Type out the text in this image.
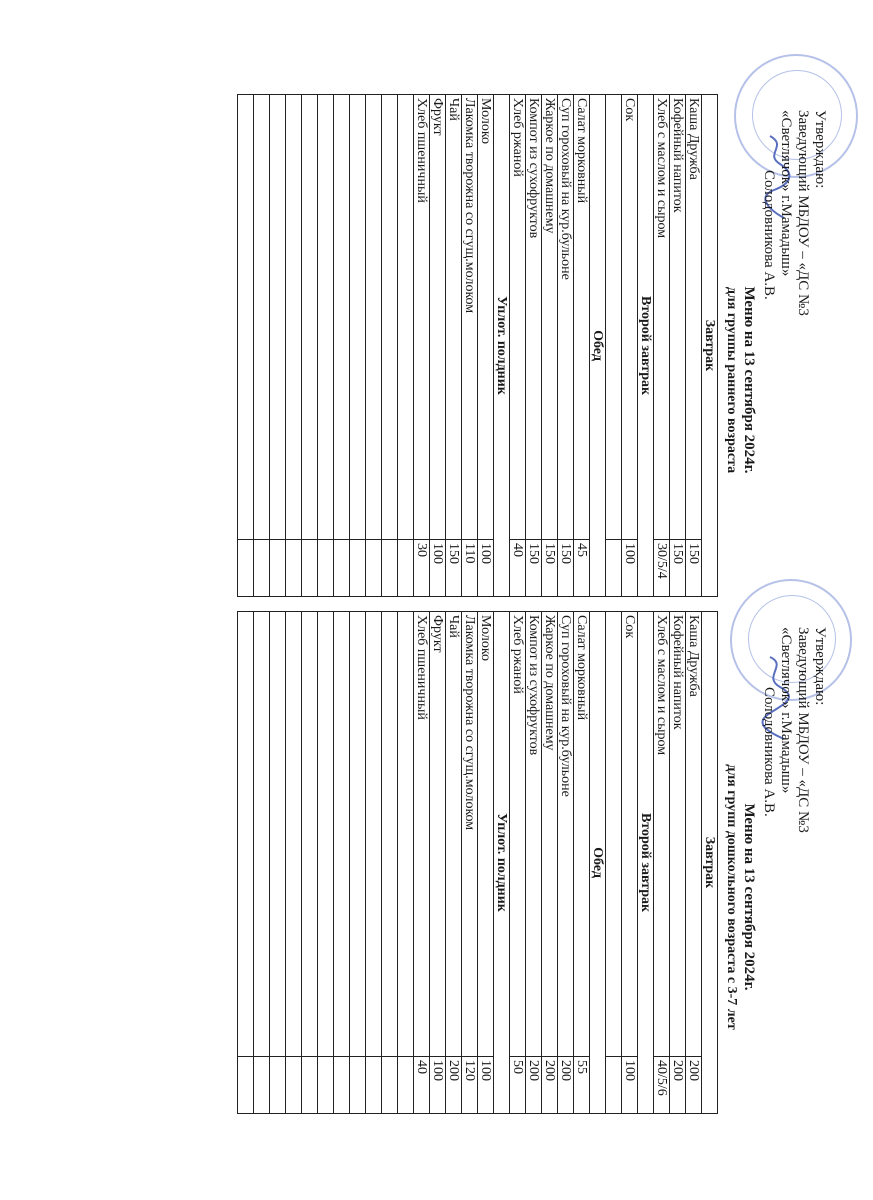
Утверждаю:
Заведующий МБДОУ – «ДС №3
«Светлячок» г.Мамадыш»
Солодовникова А.В.
Меню на 13 сентября 2024г.
для группы раннего возраста
Завтрак	
Каша Дружба	150
Кофейный напиток	150
Хлеб с маслом и сыром	30/5/4
Второй завтрак	
Сок	100

Обед	
Салат морковный	45
Суп гороховый на кур.бульоне	150
Жаркое по домашнему	150
Компот из сухофруктов	150
Хлеб ржаной	40
Уплот. полдник	
Молоко	100
Лакомка творожна со сгущ.молоком	110
Чай	150
Фрукт	100
Хлеб пшеничный	30

Утверждаю:
Заведующий МБДОУ – «ДС №3
«Светлячок» г.Мамадыш»
Солодовникова А.В.
Меню на 13 сентября 2024г.
для групп дошкольного возраста с 3-7 лет
Завтрак	
Каша Дружба	200
Кофейный напиток	200
Хлеб с маслом и сыром	40/5/6
Второй завтрак	
Сок	100

Обед	
Салат морковный	55
Суп гороховый на кур.бульоне	200
Жаркое по домашнему	200
Компот из сухофруктов	200
Хлеб ржаной	50
Уплот. полдник	
Молоко	100
Лакомка творожна со сгущ.молоком	120
Чай	200
Фрукт	100
Хлеб пшеничный	40
